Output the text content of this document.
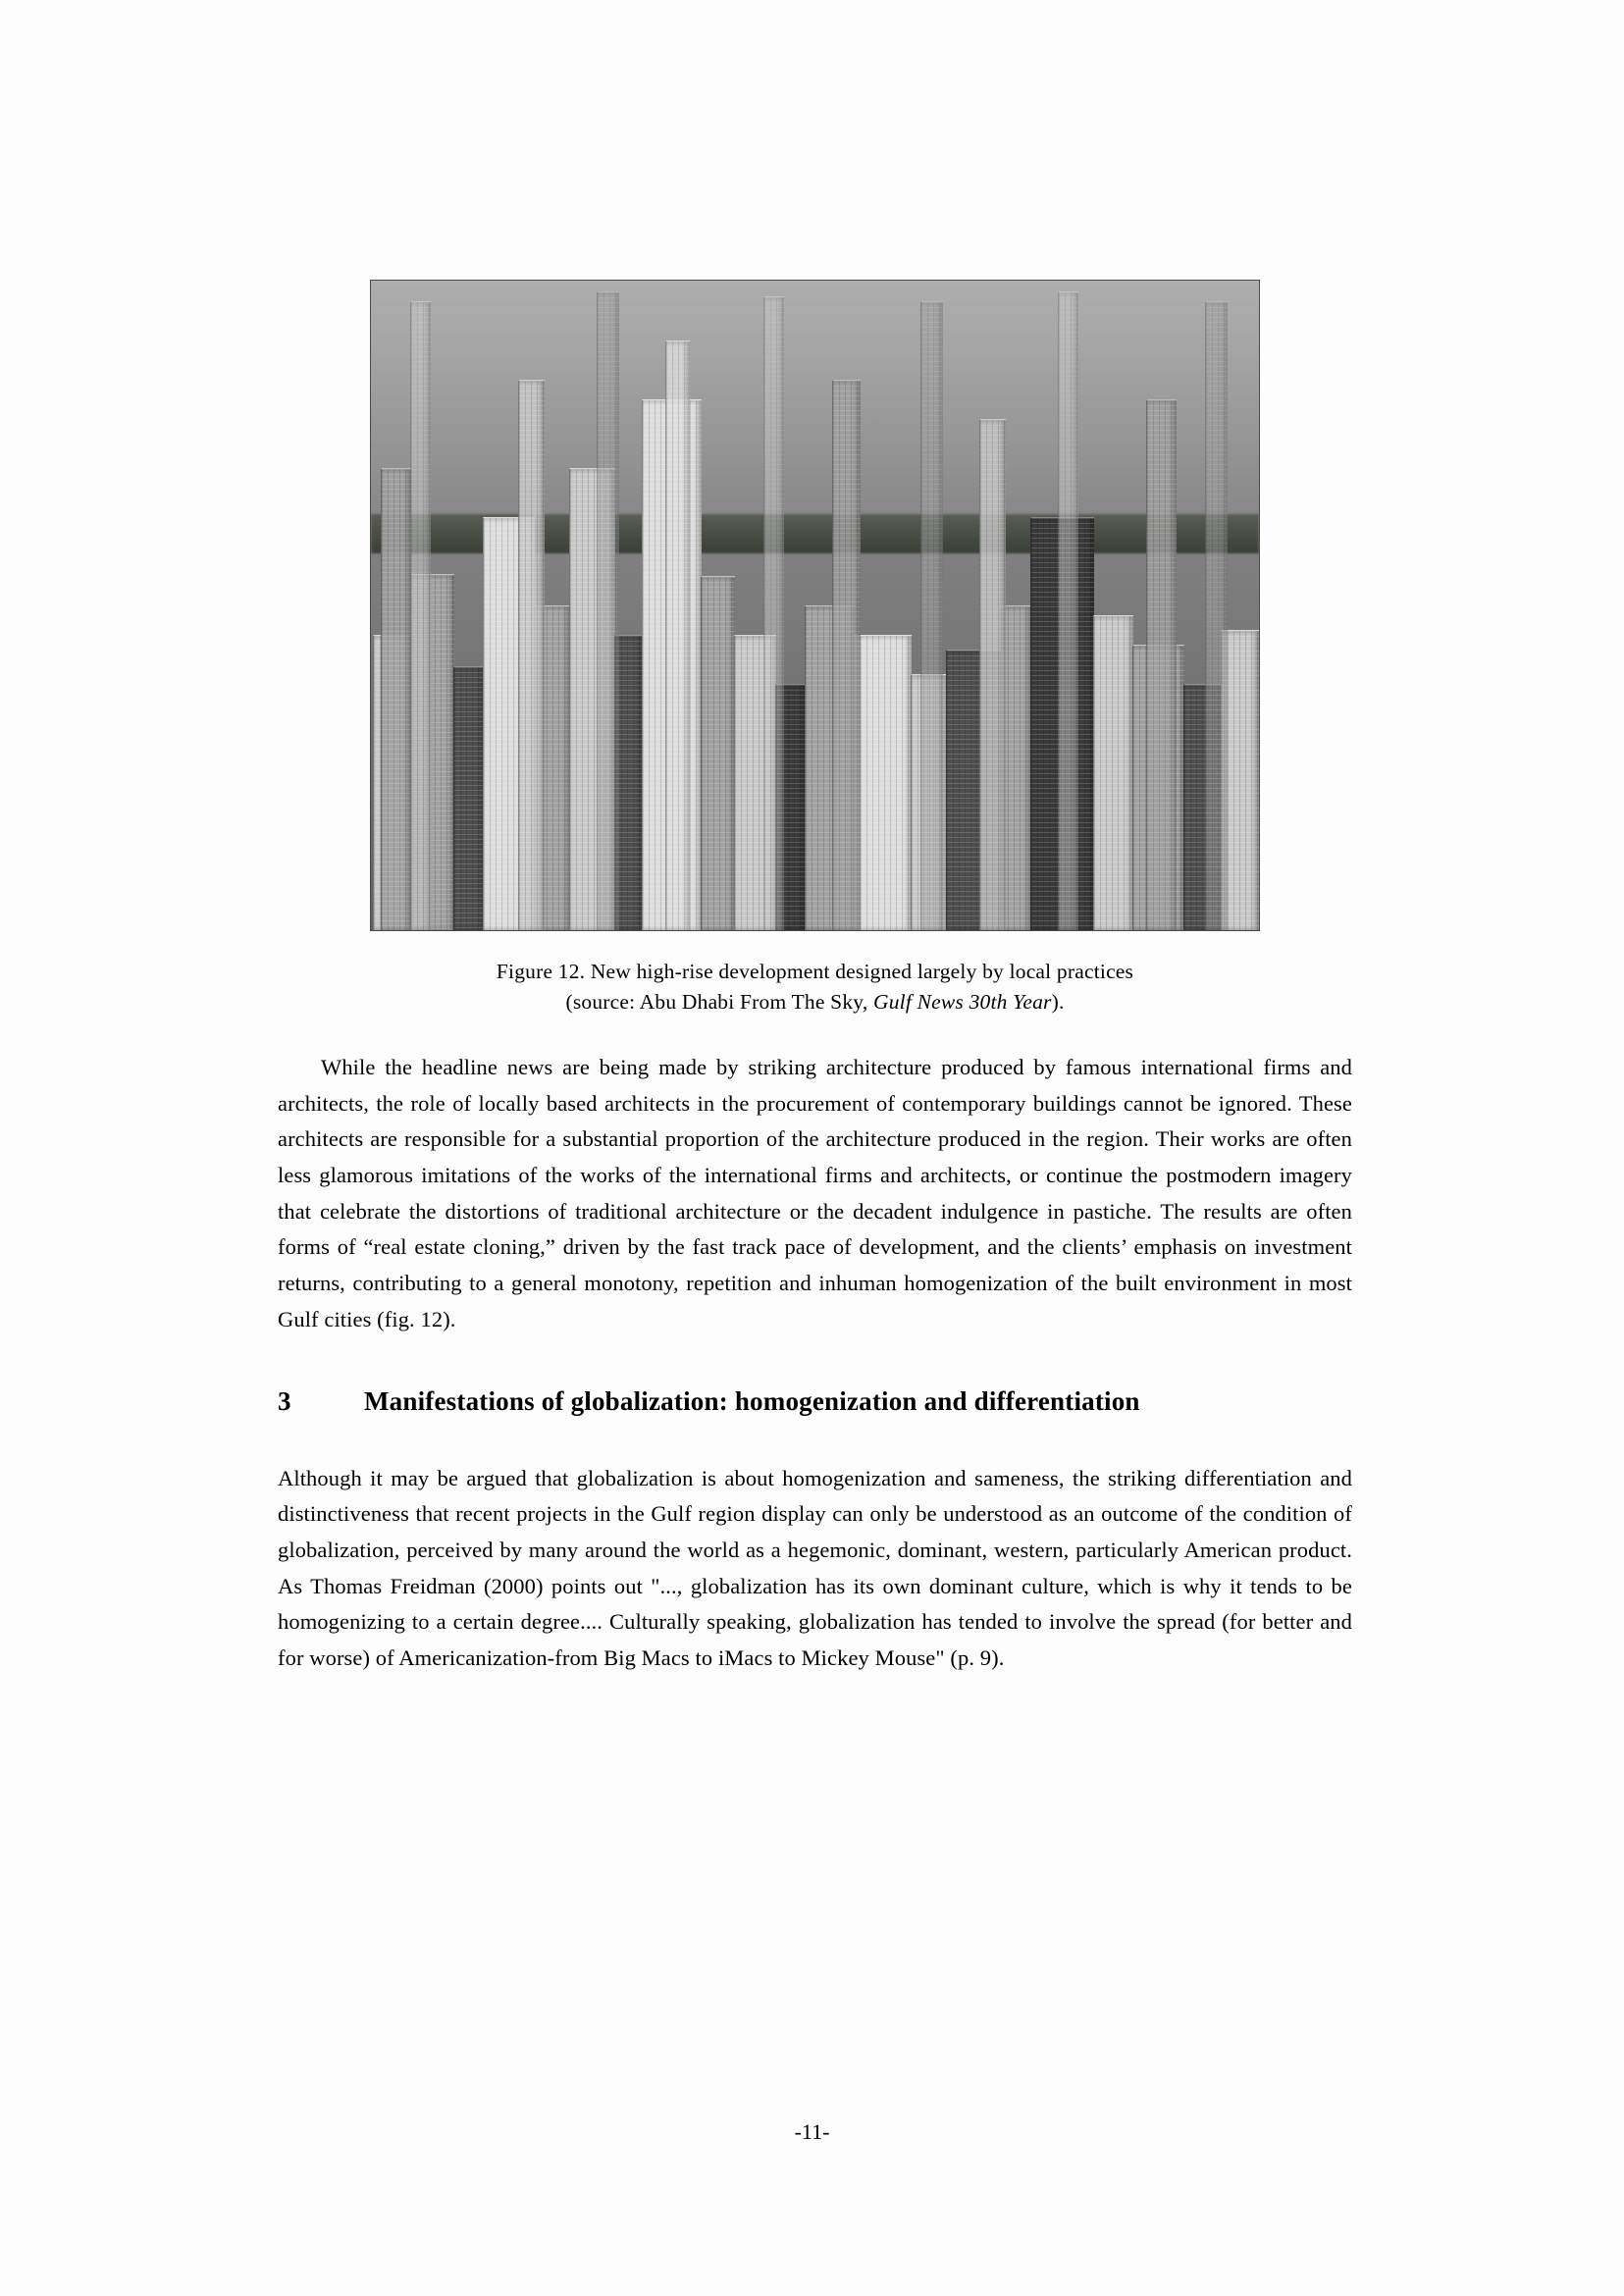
Figure 12. New high-rise development designed largely by local practices
(source: Abu Dhabi From The Sky, Gulf News 30th Year).

While the headline news are being made by striking architecture produced by famous international firms and architects, the role of locally based architects in the procurement of contemporary buildings cannot be ignored. These architects are responsible for a substantial proportion of the architecture produced in the region. Their works are often less glamorous imitations of the works of the international firms and architects, or continue the postmodern imagery that celebrate the distortions of traditional architecture or the decadent indulgence in pastiche. The results are often forms of “real estate cloning,” driven by the fast track pace of development, and the clients’ emphasis on investment returns, contributing to a general monotony, repetition and inhuman homogenization of the built environment in most Gulf cities (fig. 12).

3	Manifestations of globalization: homogenization and differentiation

Although it may be argued that globalization is about homogenization and sameness, the striking differentiation and distinctiveness that recent projects in the Gulf region display can only be understood as an outcome of the condition of globalization, perceived by many around the world as a hegemonic, dominant, western, particularly American product. As Thomas Freidman (2000) points out "..., globalization has its own dominant culture, which is why it tends to be homogenizing to a certain degree.... Culturally speaking, globalization has tended to involve the spread (for better and for worse) of Americanization-from Big Macs to iMacs to Mickey Mouse" (p. 9).

-11-
